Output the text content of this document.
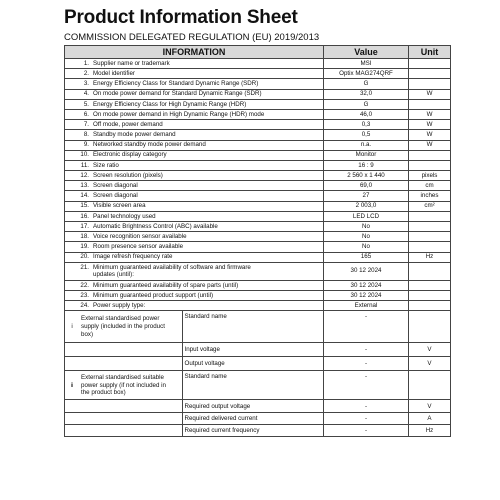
Product Information Sheet
COMMISSION DELEGATED REGULATION (EU) 2019/2013
INFORMATION	Value	Unit
1. Supplier name or trademark	MSI	
2. Model identifier	Optix MAG274QRF	
3. Energy Efficiency Class for Standard Dynamic Range (SDR)	G	
4. On mode power demand for Standard Dynamic Range (SDR)	32,0	W
5. Energy Efficiency Class for High Dynamic Range (HDR)	G	
6. On mode power demand in High Dynamic Range (HDR) mode	46,0	W
7. Off mode, power demand	0,3	W
8. Standby mode power demand	0,5	W
9. Networked standby mode power demand	n.a.	W
10. Electronic display category	Monitor	
11. Size ratio	16 : 9	
12. Screen resolution (pixels)	2 560 x 1 440	pixels
13. Screen diagonal	69,0	cm
14. Screen diagonal	27	inches
15. Visible screen area	2 003,0	cm²
16. Panel technology used	LED LCD	
17. Automatic Brightness Control (ABC) available	No	
18. Voice recognition sensor available	No	
19. Room presence sensor available	No	
20. Image refresh frequency rate	165	Hz
21. Minimum guaranteed availability of software and firmware
updates (until):	30 12 2024	
22. Minimum guaranteed availability of spare parts (until)	30 12 2024	
23. Minimum guaranteed product support (until)	30 12 2024	
24. Power supply type:	External	

i	External standardised power
supply (included in the product
box)	Standard name
		-	

		Input voltage
		-	V

		Output voltage
		-	V

ii	External standardised suitable
power supply (if not included in
the product box)	Standard name
		-	

		Required output voltage
		-	V

		Required delivered current
		-	A

		Required current frequency
		-	Hz
